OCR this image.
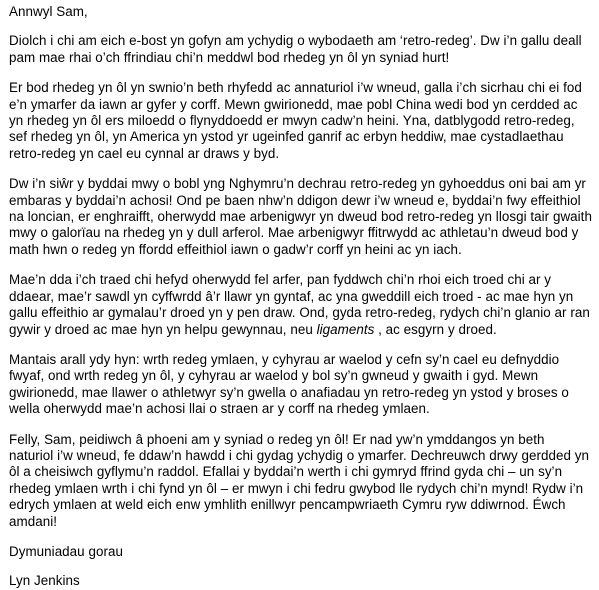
Annwyl Sam,

Diolch i chi am eich e-bost yn gofyn am ychydig o wybodaeth am ‘retro-redeg’. Dw i’n gallu deall pam mae rhai o’ch ffrindiau chi’n meddwl bod rhedeg yn ôl yn syniad hurt!

Er bod rhedeg yn ôl yn swnio’n beth rhyfedd ac annaturiol i’w wneud, galla i’ch sicrhau chi ei fod e’n ymarfer da iawn ar gyfer y corff. Mewn gwirionedd, mae pobl China wedi bod yn cerdded ac yn rhedeg yn ôl ers miloedd o flynyddoedd er mwyn cadw’n heini. Yna, datblygodd retro-redeg, sef rhedeg yn ôl, yn America yn ystod yr ugeinfed ganrif ac erbyn heddiw, mae cystadlaethau retro-redeg yn cael eu cynnal ar draws y byd.

Dw i’n siŵr y byddai mwy o bobl yng Nghymru’n dechrau retro-redeg yn gyhoeddus oni bai am yr embaras y byddai’n achosi! Ond pe baen nhw’n ddigon dewr i’w wneud e, byddai’n fwy effeithiol na loncian, er enghraifft, oherwydd mae arbenigwyr yn dweud bod retro-redeg yn llosgi tair gwaith mwy o galorïau na rhedeg yn y dull arferol. Mae arbenigwyr ffitrwydd ac athletau’n dweud bod y math hwn o redeg yn ffordd effeithiol iawn o gadw’r corff yn heini ac yn iach.

Mae’n dda i’ch traed chi hefyd oherwydd fel arfer, pan fyddwch chi’n rhoi eich troed chi ar y ddaear, mae’r sawdl yn cyffwrdd â’r llawr yn gyntaf, ac yna gweddill eich troed - ac mae hyn yn gallu effeithio ar gymalau’r droed yn y pen draw. Ond, gyda retro-redeg, rydych chi’n glanio ar ran gywir y droed ac mae hyn yn helpu gewynnau, neu ligaments , ac esgyrn y droed.

Mantais arall ydy hyn: wrth redeg ymlaen, y cyhyrau ar waelod y cefn sy’n cael eu defnyddio fwyaf, ond wrth redeg yn ôl, y cyhyrau ar waelod y bol sy’n gwneud y gwaith i gyd. Mewn gwirionedd, mae llawer o athletwyr sy’n gwella o anafiadau yn retro-redeg yn ystod y broses o wella oherwydd mae’n achosi llai o straen ar y corff na rhedeg ymlaen.

Felly, Sam, peidiwch â phoeni am y syniad o redeg yn ôl! Er nad yw’n ymddangos yn beth naturiol i’w wneud, fe ddaw’n hawdd i chi gydag ychydig o ymarfer. Dechreuwch drwy gerdded yn ôl a cheisiwch gyflymu’n raddol. Efallai y byddai’n werth i chi gymryd ffrind gyda chi – un sy’n rhedeg ymlaen wrth i chi fynd yn ôl – er mwyn i chi fedru gwybod lle rydych chi’n mynd! Rydw i’n edrych ymlaen at weld eich enw ymhlith enillwyr pencampwriaeth Cymru ryw ddiwrnod. Éwch amdani!

Dymuniadau gorau

Lyn Jenkins
